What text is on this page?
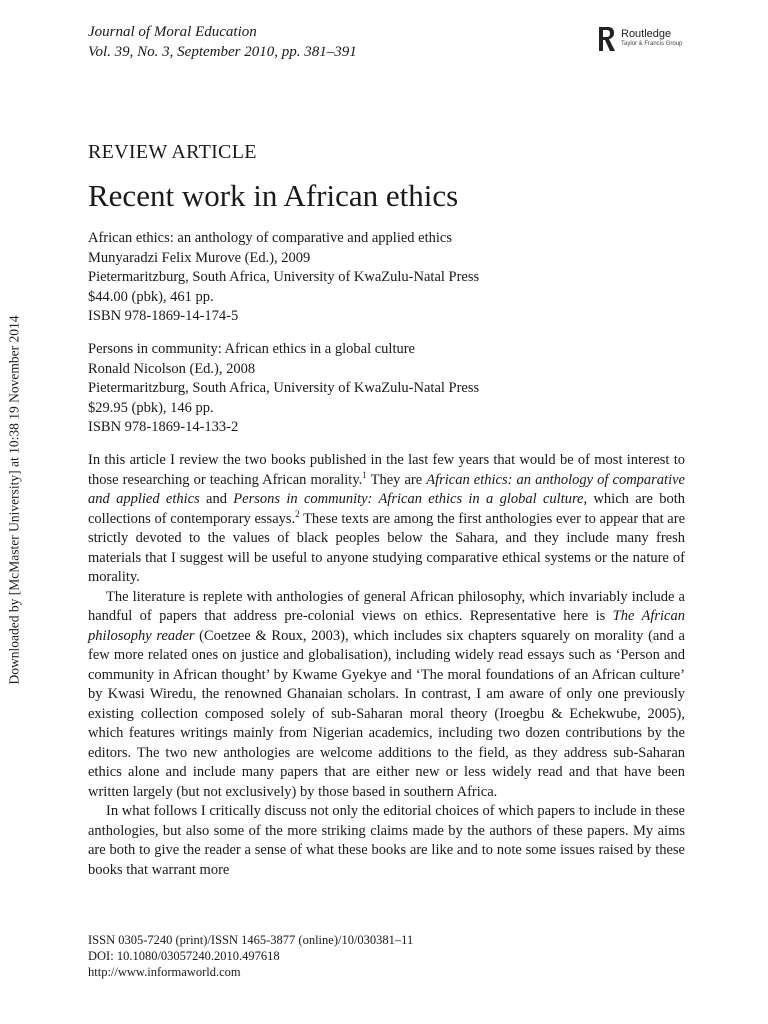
Journal of Moral Education
Vol. 39, No. 3, September 2010, pp. 381–391
Routledge
Taylor & Francis Group
Downloaded by [McMaster University] at 10:38 19 November 2014
REVIEW ARTICLE
Recent work in African ethics
African ethics: an anthology of comparative and applied ethics
Munyaradzi Felix Murove (Ed.), 2009
Pietermaritzburg, South Africa, University of KwaZulu-Natal Press
$44.00 (pbk), 461 pp.
ISBN 978-1869-14-174-5
Persons in community: African ethics in a global culture
Ronald Nicolson (Ed.), 2008
Pietermaritzburg, South Africa, University of KwaZulu-Natal Press
$29.95 (pbk), 146 pp.
ISBN 978-1869-14-133-2

In this article I review the two books published in the last few years that would be of most interest to those researching or teaching African morality.$^1$ They are African ethics: an anthology of comparative and applied ethics and Persons in community: African ethics in a global culture, which are both collections of contemporary essays.$^2$ These texts are among the first anthologies ever to appear that are strictly devoted to the values of black peoples below the Sahara, and they include many fresh materials that I suggest will be useful to anyone studying comparative ethical systems or the nature of morality.

The literature is replete with anthologies of general African philosophy, which invariably include a handful of papers that address pre-colonial views on ethics. Representative here is The African philosophy reader (Coetzee & Roux, 2003), which includes six chapters squarely on morality (and a few more related ones on justice and globalisation), including widely read essays such as ‘Person and community in African thought’ by Kwame Gyekye and ‘The moral foundations of an African culture’ by Kwasi Wiredu, the renowned Ghanaian scholars. In contrast, I am aware of only one previously existing collection composed solely of sub-Saharan moral theory (Iroegbu & Echekwube, 2005), which features writings mainly from Nigerian academics, including two dozen contributions by the editors. The two new anthologies are welcome additions to the field, as they address sub-Saharan ethics alone and include many papers that are either new or less widely read and that have been written largely (but not exclusively) by those based in southern Africa.

In what follows I critically discuss not only the editorial choices of which papers to include in these anthologies, but also some of the more striking claims made by the authors of these papers. My aims are both to give the reader a sense of what these books are like and to note some issues raised by these books that warrant more

ISSN 0305-7240 (print)/ISSN 1465-3877 (online)/10/030381–11
DOI: 10.1080/03057240.2010.497618
http://www.informaworld.com
